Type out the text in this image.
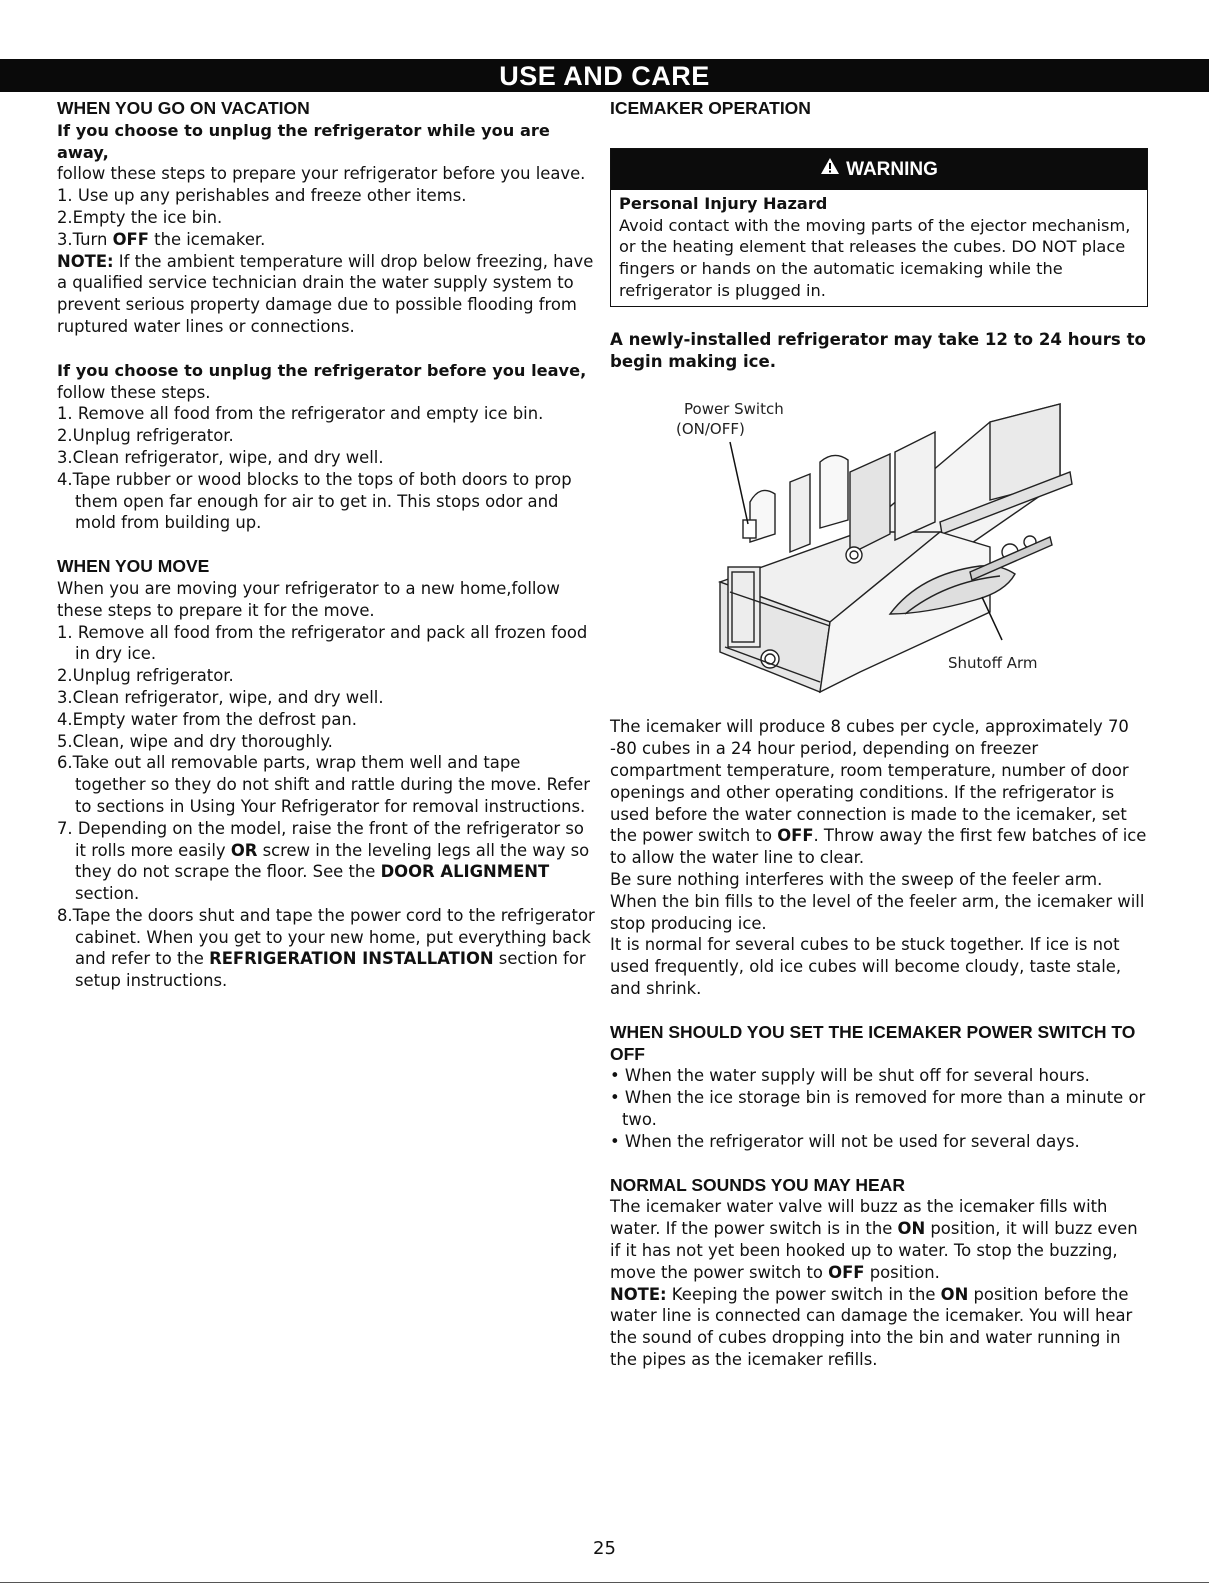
USE AND CARE
WHEN YOU GO ON VACATION

If you choose to unplug the refrigerator while you are away,

follow these steps to prepare your refrigerator before you leave.

1. Use up any perishables and freeze other items.
2.Empty the ice bin.
3.Turn OFF the icemaker.

NOTE: If the ambient temperature will drop below freezing, have a qualified service technician drain the water supply system to prevent serious property damage due to possible flooding from ruptured water lines or connections.

If you choose to unplug the refrigerator before you leave,

follow these steps.

1. Remove all food from the refrigerator and empty ice bin.
2.Unplug refrigerator.
3.Clean refrigerator, wipe, and dry well.
4.Tape rubber or wood blocks to the tops of both doors to prop them open far enough for air to get in. This stops odor and mold from building up.
WHEN YOU MOVE

When you are moving your refrigerator to a new home,follow these steps to prepare it for the move.

1. Remove all food from the refrigerator and pack all frozen food in dry ice.
2.Unplug refrigerator.
3.Clean refrigerator, wipe, and dry well.
4.Empty water from the defrost pan.
5.Clean, wipe and dry thoroughly.
6.Take out all removable parts, wrap them well and tape together so they do not shift and rattle during the move. Refer to sections in Using Your Refrigerator for removal instructions.
7. Depending on the model, raise the front of the refrigerator so it rolls more easily OR screw in the leveling legs all the way so they do not scrape the floor. See the DOOR ALIGNMENT section.
8.Tape the doors shut and tape the power cord to the refrigerator cabinet. When you get to your new home, put everything back and refer to the REFRIGERATION INSTALLATION section for setup instructions.
ICEMAKER OPERATION
WARNING

Personal Injury Hazard

Avoid contact with the moving parts of the ejector mechanism, or the heating element that releases the cubes. DO NOT place fingers or hands on the automatic icemaking while the refrigerator is plugged in.

A newly-installed refrigerator may take 12 to 24 hours to begin making ice.

Power Switch
(ON/OFF)
Shutoff Arm

The icemaker will produce 8 cubes per cycle, approximately 70 -80 cubes in a 24 hour period, depending on freezer compartment temperature, room temperature, number of door openings and other operating conditions. If the refrigerator is used before the water connection is made to the icemaker, set the power switch to OFF. Throw away the first few batches of ice to allow the water line to clear.

Be sure nothing interferes with the sweep of the feeler arm. When the bin fills to the level of the feeler arm, the icemaker will stop producing ice.

It is normal for several cubes to be stuck together. If ice is not used frequently, old ice cubes will become cloudy, taste stale, and shrink.

WHEN SHOULD YOU SET THE ICEMAKER POWER SWITCH TO OFF
• When the water supply will be shut off for several hours.
• When the ice storage bin is removed for more than a minute or two.
• When the refrigerator will not be used for several days.
NORMAL SOUNDS YOU MAY HEAR

The icemaker water valve will buzz as the icemaker fills with water. If the power switch is in the ON position, it will buzz even if it has not yet been hooked up to water. To stop the buzzing, move the power switch to OFF position.

NOTE: Keeping the power switch in the ON position before the water line is connected can damage the icemaker. You will hear the sound of cubes dropping into the bin and water running in the pipes as the icemaker refills.

25
